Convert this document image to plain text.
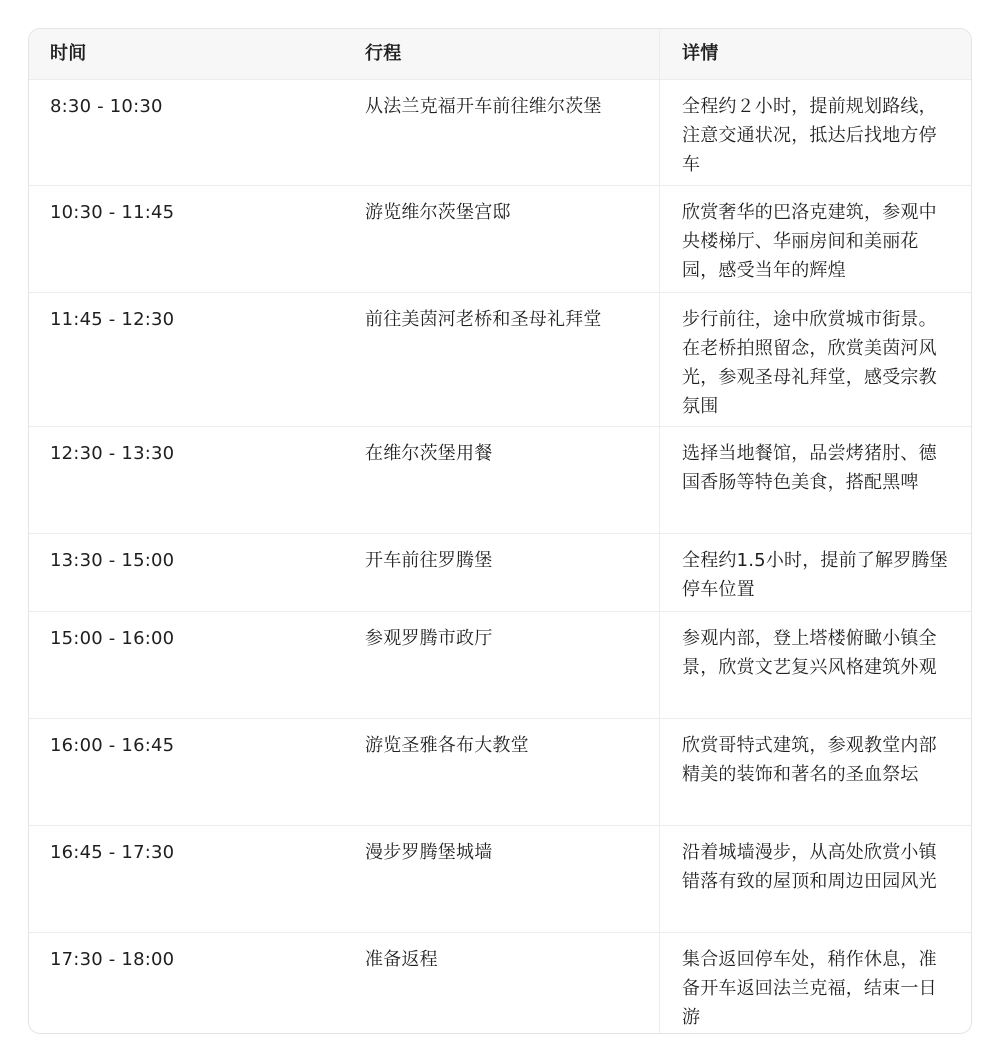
时间	行程	详情
8:30 - 10:30	从法兰克福开车前往维尔茨堡	全程约２小时，提前规划路线，注意交通状况，抵达后找地方停车
10:30 - 11:45	游览维尔茨堡宫邸	欣赏奢华的巴洛克建筑，参观中央楼梯厅、华丽房间和美丽花园，感受当年的辉煌
11:45 - 12:30	前往美茵河老桥和圣母礼拜堂	步行前往，途中欣赏城市街景。在老桥拍照留念，欣赏美茵河风光，参观圣母礼拜堂，感受宗教氛围
12:30 - 13:30	在维尔茨堡用餐	选择当地餐馆，品尝烤猪肘、德国香肠等特色美食，搭配黑啤
13:30 - 15:00	开车前往罗腾堡	全程约1.5小时，提前了解罗腾堡停车位置
15:00 - 16:00	参观罗腾市政厅	参观内部，登上塔楼俯瞰小镇全景，欣赏文艺复兴风格建筑外观
16:00 - 16:45	游览圣雅各布大教堂	欣赏哥特式建筑，参观教堂内部精美的装饰和著名的圣血祭坛
16:45 - 17:30	漫步罗腾堡城墙	沿着城墙漫步，从高处欣赏小镇错落有致的屋顶和周边田园风光
17:30 - 18:00	准备返程	集合返回停车处，稍作休息，准备开车返回法兰克福，结束一日游
